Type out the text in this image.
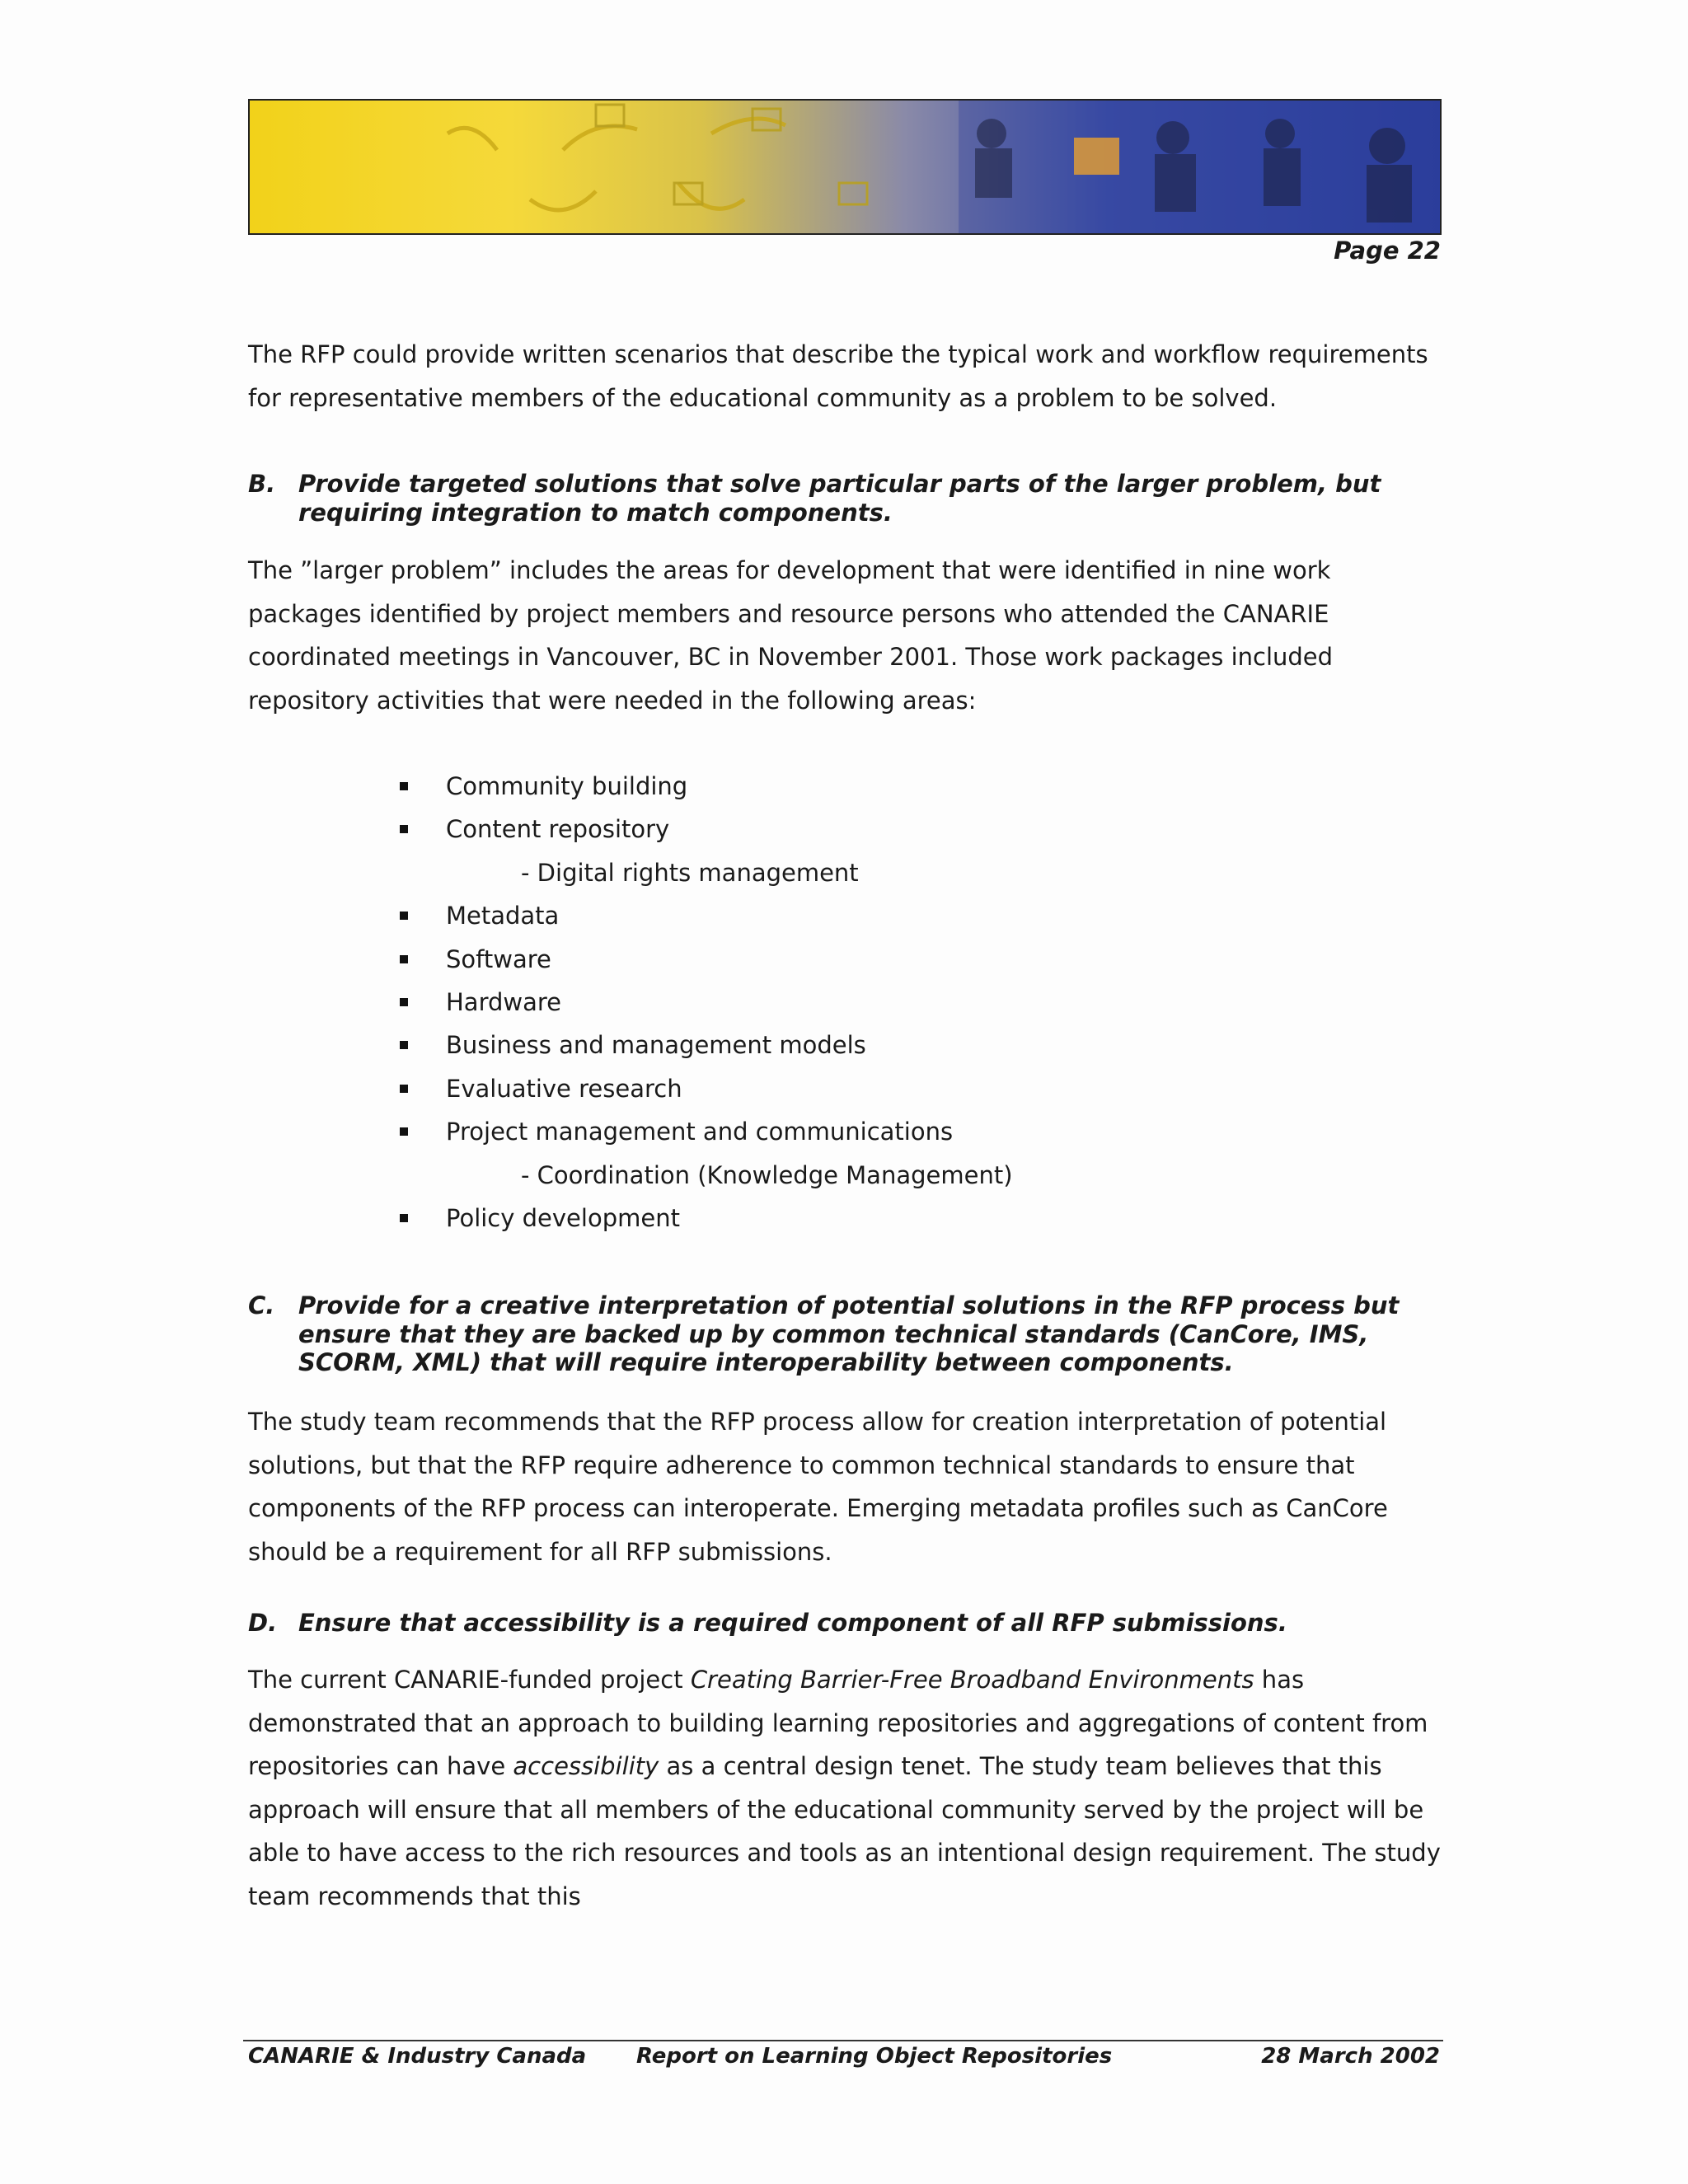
Page 22

The RFP could provide written scenarios that describe the typical work and workflow requirements for representative members of the educational community as a problem to be solved.

B. Provide targeted solutions that solve particular parts of the larger problem, but requiring integration to match components.

The ”larger problem” includes the areas for development that were identified in nine work packages identified by project members and resource persons who attended the CANARIE coordinated meetings in Vancouver, BC in November 2001. Those work packages included repository activities that were needed in the following areas:

Community building
Content repository
- Digital rights management
Metadata
Software
Hardware
Business and management models
Evaluative research
Project management and communications
- Coordination (Knowledge Management)
Policy development
C. Provide for a creative interpretation of potential solutions in the RFP process but ensure that they are backed up by common technical standards (CanCore, IMS, SCORM, XML) that will require interoperability between components.

The study team recommends that the RFP process allow for creation interpretation of potential solutions, but that the RFP require adherence to common technical standards to ensure that components of the RFP process can interoperate. Emerging metadata profiles such as CanCore should be a requirement for all RFP submissions.

D. Ensure that accessibility is a required component of all RFP submissions.

The current CANARIE-funded project Creating Barrier-Free Broadband Environments has demonstrated that an approach to building learning repositories and aggregations of content from repositories can have accessibility as a central design tenet. The study team believes that this approach will ensure that all members of the educational community served by the project will be able to have access to the rich resources and tools as an intentional design requirement. The study team recommends that this

CANARIE & Industry Canada Report on Learning Object Repositories	28 March 2002
